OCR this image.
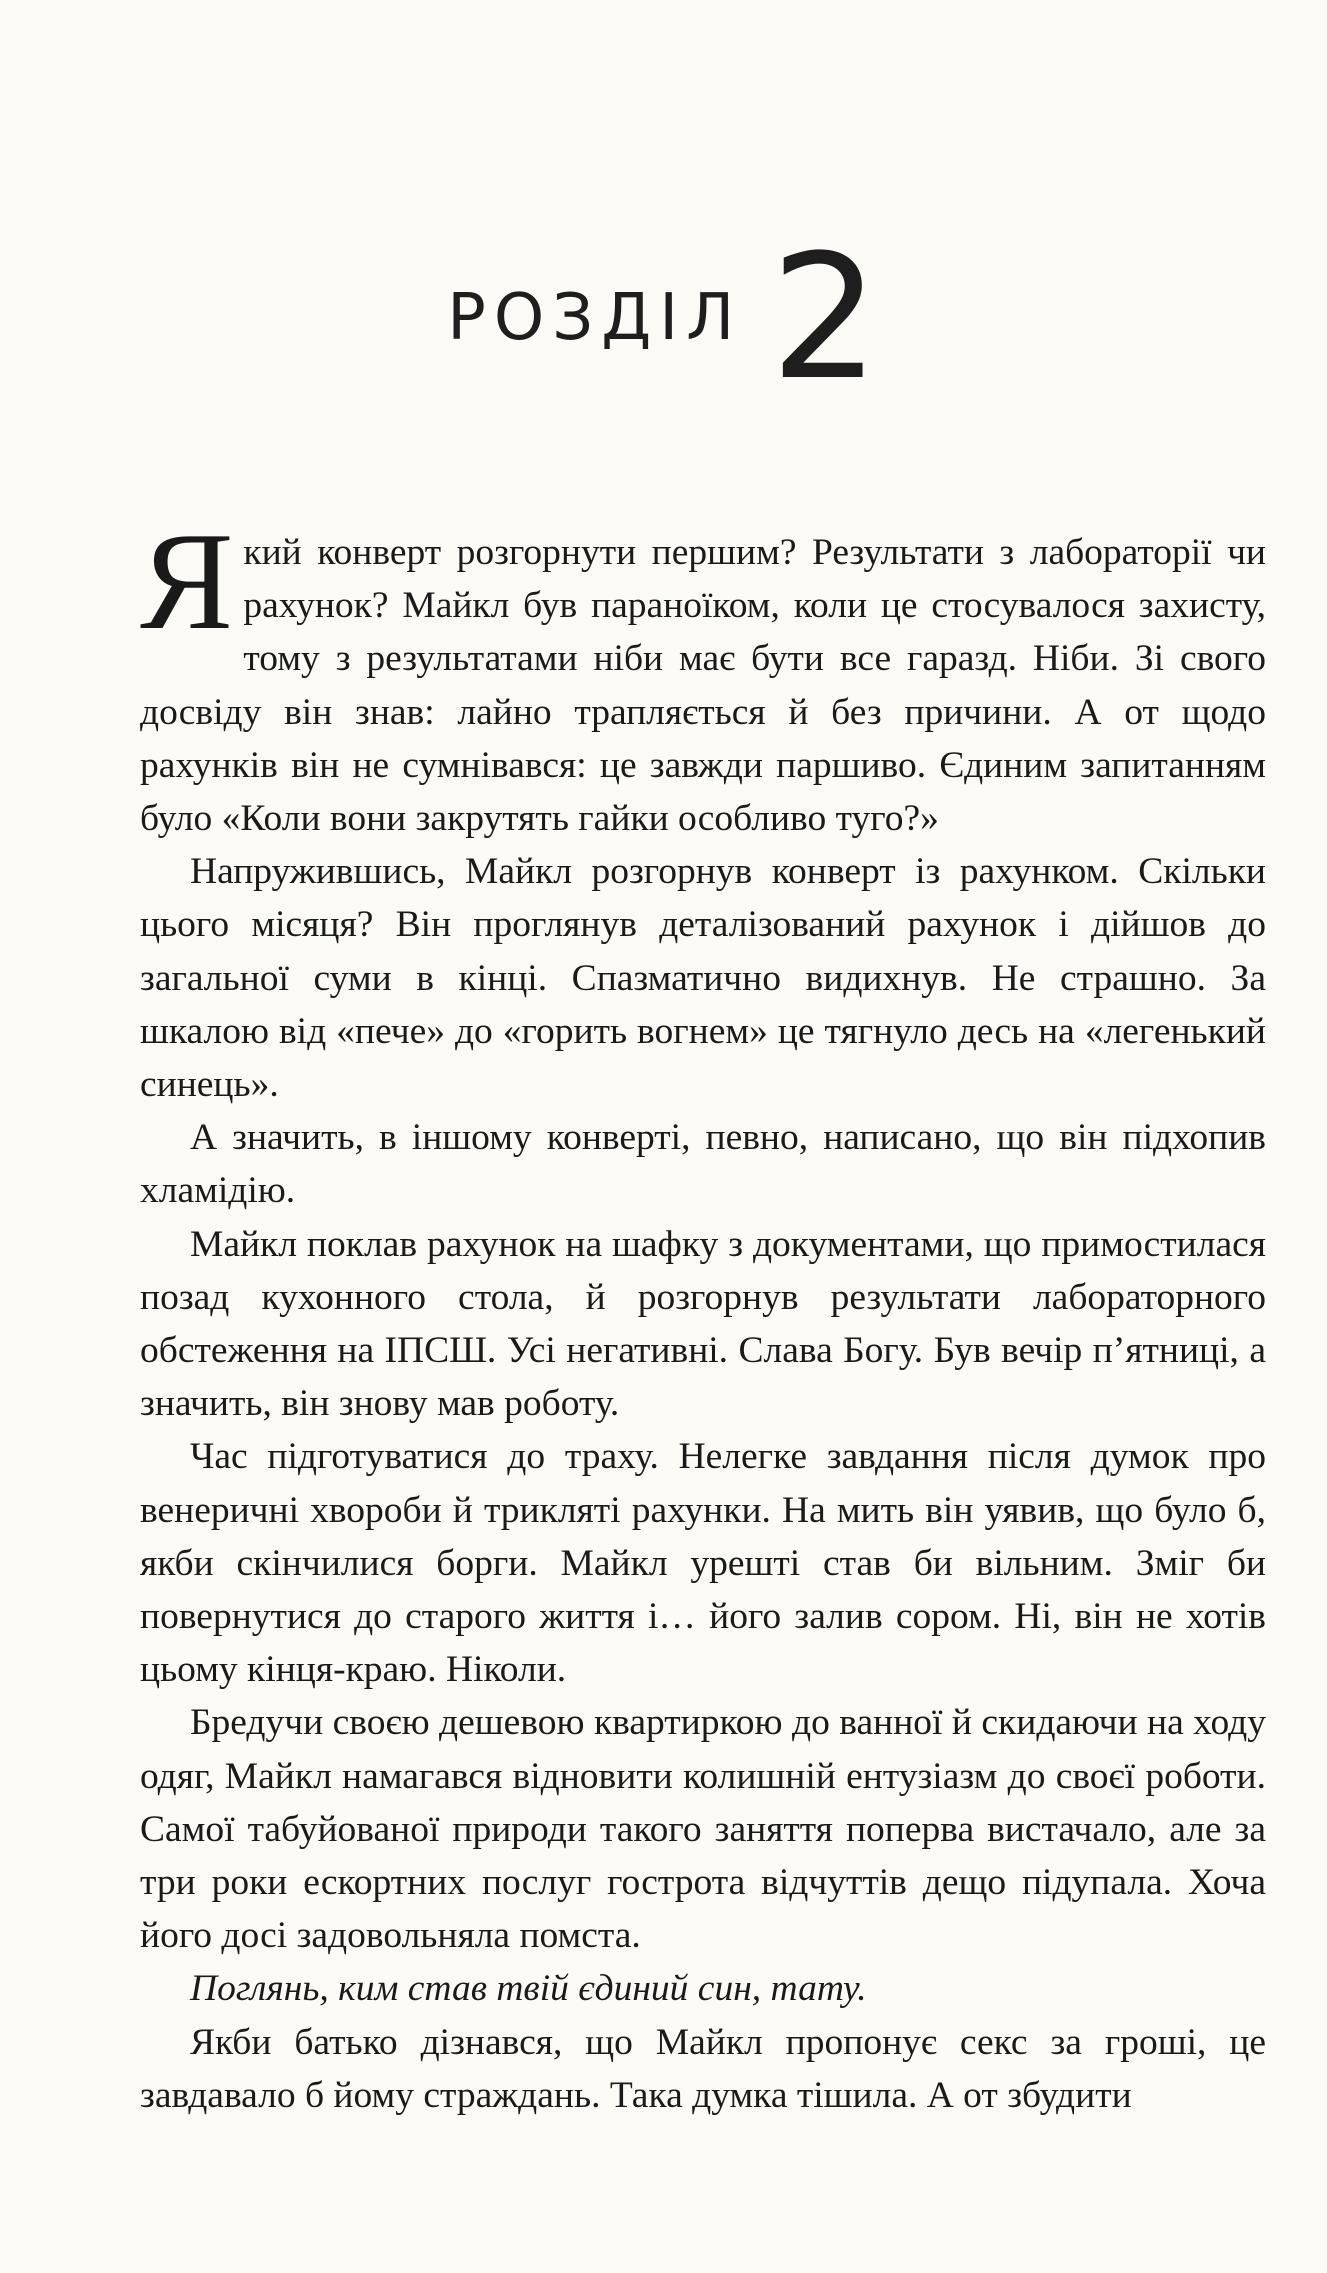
РОЗДІЛ 2

Який конверт розгорнути першим? Результати з лабораторії чи рахунок? Майкл був параноїком, коли це стосувалося захисту, тому з результатами ніби має бути все гаразд. Ніби. Зі свого досвіду він знав: лайно трапляється й без причини. А от щодо рахунків він не сумнівався: це завжди паршиво. Єдиним запитанням було «Коли вони закрутять гайки особливо туго?»

Напружившись, Майкл розгорнув конверт із рахунком. Скільки цього місяця? Він проглянув деталізований рахунок і дійшов до загальної суми в кінці. Спазматично видихнув. Не страшно. За шкалою від «пече» до «горить вогнем» це тягнуло десь на «легенький синець».

А значить, в іншому конверті, певно, написано, що він підхопив хламідію.

Майкл поклав рахунок на шафку з документами, що примостилася позад кухонного стола, й розгорнув результати лабораторного обстеження на ІПСШ. Усі негативні. Слава Богу. Був вечір п’ятниці, а значить, він знову мав роботу.

Час підготуватися до траху. Нелегке завдання після думок про венеричні хвороби й трикляті рахунки. На мить він уявив, що було б, якби скінчилися борги. Майкл урешті став би вільним. Зміг би повернутися до старого життя і… його залив сором. Ні, він не хотів цьому кінця-краю. Ніколи.

Бредучи своєю дешевою квартиркою до ванної й скидаючи на ходу одяг, Майкл намагався відновити колишній ентузіазм до своєї роботи. Самої табуйованої природи такого заняття поперва вистачало, але за три роки ескортних послуг гострота відчуттів дещо підупала. Хоча його досі задовольняла помста.

Поглянь, ким став твій єдиний син, тату.

Якби батько дізнався, що Майкл пропонує секс за гроші, це завдавало б йому страждань. Така думка тішила. А от збудити
